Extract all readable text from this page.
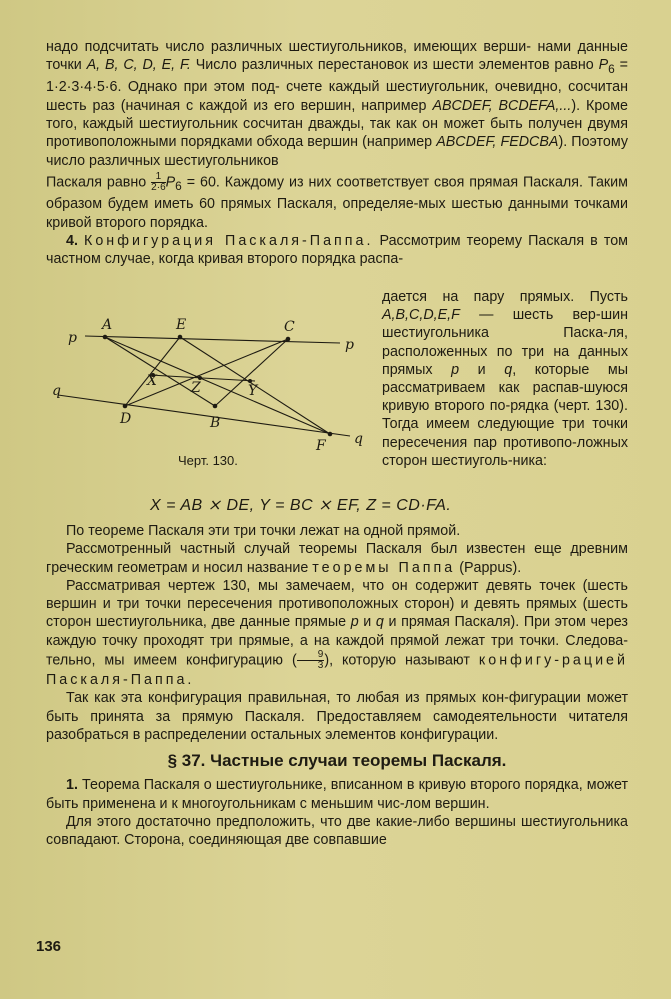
надо подсчитать число различных шестиугольников, имеющих верши- нами данные точки A, B, C, D, E, F. Число различных перестановок из шести элементов равно $P_6 = 1\cdot 2\cdot 3\cdot 4\cdot 5\cdot 6$. Однако при этом под- счете каждый шестиугольник, очевидно, сосчитан шесть раз (начиная с каждой из его вершин, например ABCDEF, BCDEFA,...). Кроме того, каждый шестиугольник сосчитан дважды, так как он может быть получен двумя противоположными порядками обхода вершин (например ABCDEF, FEDCBA). Поэтому число различных шестиугольников

Паскаля равно $\frac{1}{2\cdot 6} P_6 = 60$. Каждому из них соответствует своя прямая Паскаля. Таким образом будем иметь 60 прямых Паскаля, определяе-мых шестью данными точками кривой второго порядка.

4. Конфигурация Паскаля-Паппа. Рассмотрим теорему Паскаля в том частном случае, когда кривая второго порядка распа-

дается на пару прямых. Пусть A,B,C,D,E,F — шесть вер-шин шестиугольника Паска-ля, расположенных по три на данных прямых p и q, которые мы рассматриваем как распав-шуюся кривую второго по-рядка (черт. 130). Тогда имеем следующие три точки пересечения пар противопо-ложных сторон шестиуголь-ника:

A	E	C
D	B
F
X Z	Y
p	p
q
q
Черт. 130.
X = AB ⨯ DE, Y = BC ⨯ EF, Z = CD·FA.

По теореме Паскаля эти три точки лежат на одной прямой.

Рассмотренный частный случай теоремы Паскаля был известен еще древним греческим геометрам и носил название теоремы Паппа (Pappus).

Рассматривая чертеж 130, мы замечаем, что он содержит девять точек (шесть вершин и три точки пересечения противоположных сторон) и девять прямых (шесть сторон шестиугольника, две данные прямые p и q и прямая Паскаля). При этом через каждую точку проходят три прямые, а на каждой прямой лежат три точки. Следова-тельно, мы имеем конфигурацию ( $\frac{9}{3}$ ), которую называют конфигу-рацией Паскаля-Паппа.

Так как эта конфигурация правильная, то любая из прямых кон-фигурации может быть принята за прямую Паскаля. Предоставляем самодеятельности читателя разобраться в распределении остальных элементов конфигурации.

§ 37. Частные случаи теоремы Паскаля.

1. Теорема Паскаля о шестиугольнике, вписанном в кривую второго порядка, может быть применена и к многоугольникам с меньшим чис-лом вершин.

Для этого достаточно предположить, что две какие-либо вершины шестиугольника совпадают. Сторона, соединяющая две совпавшие

136
